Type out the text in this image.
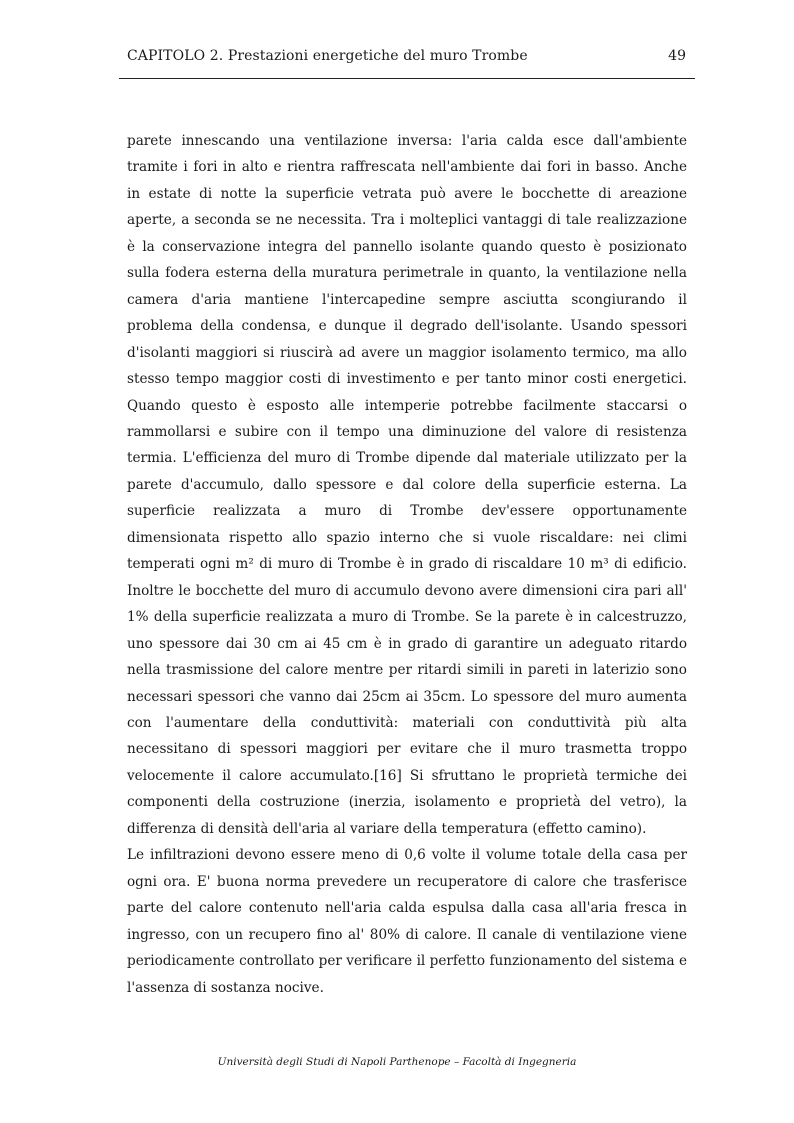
CAPITOLO 2. Prestazioni energetiche del muro Trombe	49

parete innescando una ventilazione inversa: l'aria calda esce dall'ambiente tramite i fori in alto e rientra raffrescata nell'ambiente dai fori in basso. Anche in estate di notte la superficie vetrata può avere le bocchette di areazione aperte, a seconda se ne necessita. Tra i molteplici vantaggi di tale realizzazione è la conservazione integra del pannello isolante quando questo è posizionato sulla fodera esterna della muratura perimetrale in quanto, la ventilazione nella camera d'aria mantiene l'intercapedine sempre asciutta scongiurando il problema della condensa, e dunque il degrado dell'isolante. Usando spessori d'isolanti maggiori si riuscirà ad avere un maggior isolamento termico, ma allo stesso tempo maggior costi di investimento e per tanto minor costi energetici. Quando questo è esposto alle intemperie potrebbe facilmente staccarsi o rammollarsi e subire con il tempo una diminuzione del valore di resistenza termia. L'efficienza del muro di Trombe dipende dal materiale utilizzato per la parete d'accumulo, dallo spessore e dal colore della superficie esterna. La superficie realizzata a muro di Trombe dev'essere opportunamente dimensionata rispetto allo spazio interno che si vuole riscaldare: nei climi temperati ogni m² di muro di Trombe è in grado di riscaldare 10 m³ di edificio. Inoltre le bocchette del muro di accumulo devono avere dimensioni cira pari all' 1% della superficie realizzata a muro di Trombe. Se la parete è in calcestruzzo, uno spessore dai 30 cm ai 45 cm è in grado di garantire un adeguato ritardo nella trasmissione del calore mentre per ritardi simili in pareti in laterizio sono necessari spessori che vanno dai 25cm ai 35cm. Lo spessore del muro aumenta con l'aumentare della conduttività: materiali con conduttività più alta necessitano di spessori maggiori per evitare che il muro trasmetta troppo velocemente il calore accumulato.[16] Si sfruttano le proprietà termiche dei componenti della costruzione (inerzia, isolamento e proprietà del vetro), la differenza di densità dell'aria al variare della temperatura (effetto camino).

Le infiltrazioni devono essere meno di 0,6 volte il volume totale della casa per ogni ora. E' buona norma prevedere un recuperatore di calore che trasferisce parte del calore contenuto nell'aria calda espulsa dalla casa all'aria fresca in ingresso, con un recupero fino al' 80% di calore. Il canale di ventilazione viene periodicamente controllato per verificare il perfetto funzionamento del sistema e l'assenza di sostanza nocive.

Università degli Studi di Napoli Parthenope – Facoltà di Ingegneria
